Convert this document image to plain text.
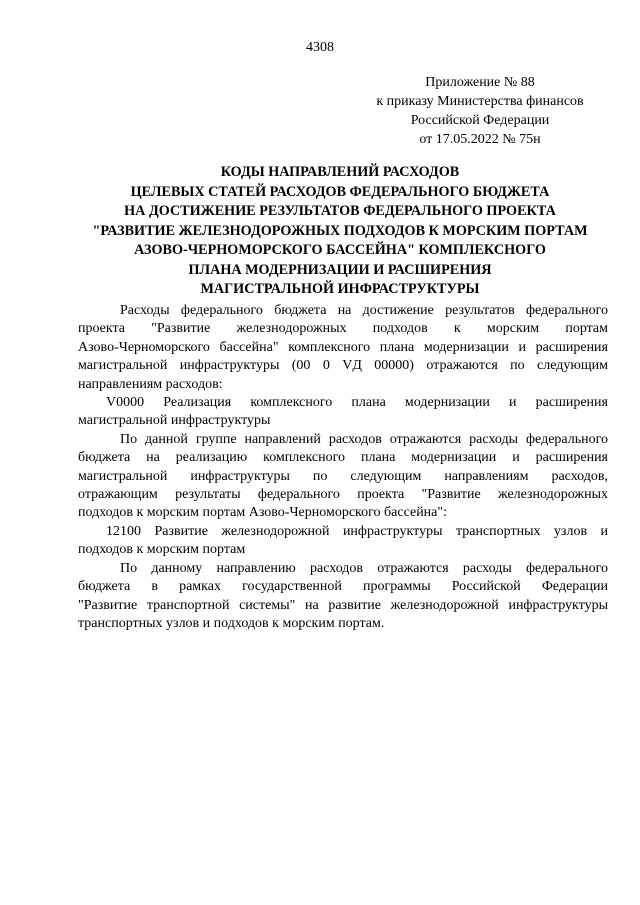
4308
Приложение № 88
к приказу Министерства финансов
Российской Федерации
от 17.05.2022 № 75н
КОДЫ НАПРАВЛЕНИЙ РАСХОДОВ
ЦЕЛЕВЫХ СТАТЕЙ РАСХОДОВ ФЕДЕРАЛЬНОГО БЮДЖЕТА
НА ДОСТИЖЕНИЕ РЕЗУЛЬТАТОВ ФЕДЕРАЛЬНОГО ПРОЕКТА
"РАЗВИТИЕ ЖЕЛЕЗНОДОРОЖНЫХ ПОДХОДОВ К МОРСКИМ ПОРТАМ
АЗОВО-ЧЕРНОМОРСКОГО БАССЕЙНА" КОМПЛЕКСНОГО
ПЛАНА МОДЕРНИЗАЦИИ И РАСШИРЕНИЯ
МАГИСТРАЛЬНОЙ ИНФРАСТРУКТУРЫ
Расходы федерального бюджета на достижение результатов федерального
проекта "Развитие железнодорожных подходов к морским портам
Азово-Черноморского бассейна" комплексного плана модернизации и расширения
магистральной инфраструктуры (00 0 VД 00000) отражаются по следующим
направлениям расходов:
V0000 Реализация комплексного плана модернизации и расширения
магистральной инфраструктуры
По данной группе направлений расходов отражаются расходы федерального
бюджета на реализацию комплексного плана модернизации и расширения
магистральной инфраструктуры по следующим направлениям расходов,
отражающим результаты федерального проекта "Развитие железнодорожных
подходов к морским портам Азово-Черноморского бассейна":
12100 Развитие железнодорожной инфраструктуры транспортных узлов и
подходов к морским портам
По данному направлению расходов отражаются расходы федерального
бюджета в рамках государственной программы Российской Федерации
"Развитие транспортной системы" на развитие железнодорожной инфраструктуры
транспортных узлов и подходов к морским портам.
